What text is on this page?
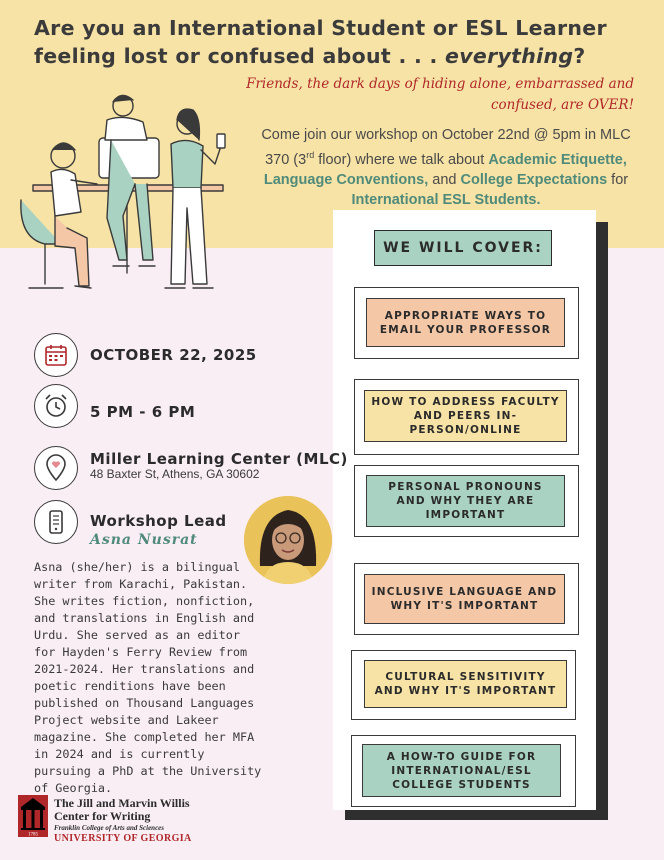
Are you an International Student or ESL Learner
feeling lost or confused about . . . everything?
Friends, the dark days of hiding alone, embarrassed and confused, are OVER!
Come join our workshop on October 22nd @ 5pm in MLC 370 (3rd floor) where we talk about Academic Etiquette, Language Conventions, and College Expectations for International ESL Students.
WE WILL COVER:
APPROPRIATE WAYS TO EMAIL YOUR PROFESSOR
HOW TO ADDRESS FACULTY AND PEERS IN-PERSON/ONLINE
PERSONAL PRONOUNS AND WHY THEY ARE IMPORTANT
INCLUSIVE LANGUAGE AND WHY IT'S IMPORTANT
CULTURAL SENSITIVITY AND WHY IT'S IMPORTANT
A HOW-TO GUIDE FOR INTERNATIONAL/ESL COLLEGE STUDENTS
OCTOBER 22, 2025
5 PM - 6 PM
Miller Learning Center (MLC)
48 Baxter St, Athens, GA 30602
Workshop Lead
Asna Nusrat
Asna (she/her) is a bilingual writer from Karachi, Pakistan. She writes fiction, nonfiction, and translations in English and Urdu. She served as an editor for Hayden's Ferry Review from 2021-2024. Her translations and poetic renditions have been published on Thousand Languages Project website and Lakeer magazine. She completed her MFA in 2024 and is currently pursuing a PhD at the University of Georgia.
1785
The Jill and Marvin Willis
Center for Writing
Franklin College of Arts and Sciences
UNIVERSITY OF GEORGIA
